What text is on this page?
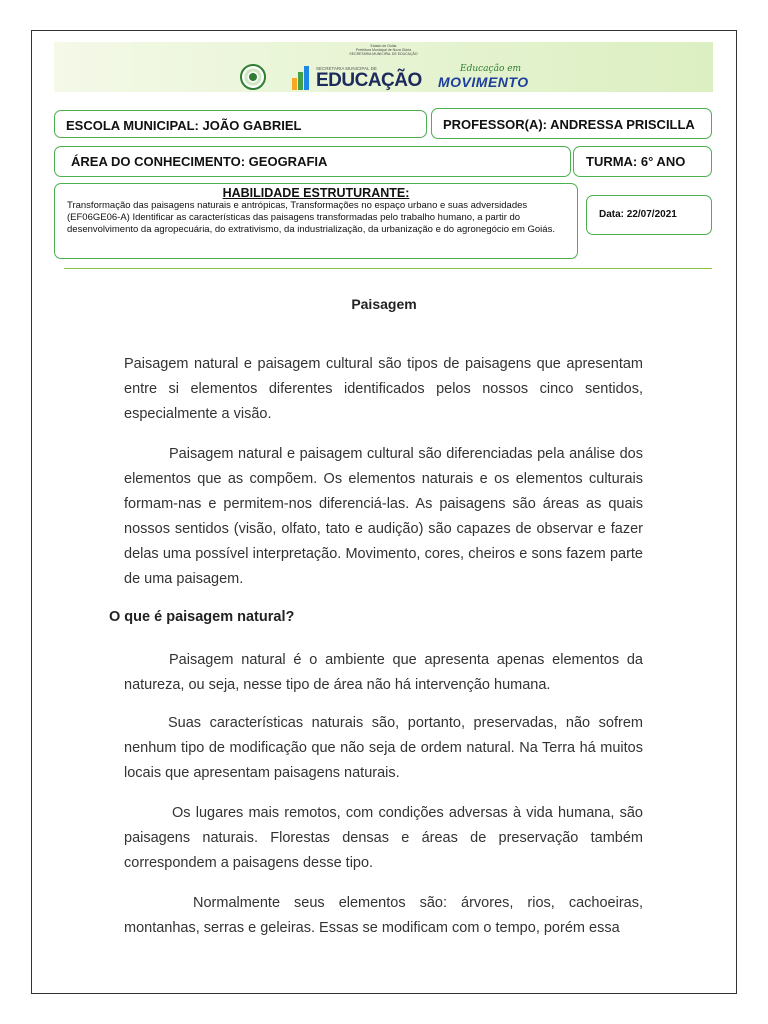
Estado de Goiás
Prefeitura Municipal de Nova Glória
SECRETARIA MUNICIPAL DE EDUCAÇÃO
SECRETARIA MUNICIPAL DE
EDUCAÇÃO
Educação em
MOVIMENTO
ESCOLA MUNICIPAL: JOÃO GABRIEL	PROFESSOR(A): ANDRESSA PRISCILLA
ÁREA DO CONHECIMENTO: GEOGRAFIA	TURMA: 6° ANO
HABILIDADE ESTRUTURANTE:
Transformação das paisagens naturais e antrópicas, Transformações no espaço urbano e suas adversidades (EF06GE06-A) Identificar as características das paisagens transformadas pelo trabalho humano, a partir do desenvolvimento da agropecuária, do extrativismo, da industrialização, da urbanização e do agronegócio em Goiás.
Data: 22/07/2021
Paisagem

Paisagem natural e paisagem cultural são tipos de paisagens que apresentam entre si elementos diferentes identificados pelos nossos cinco sentidos, especialmente a visão.

Paisagem natural e paisagem cultural são diferenciadas pela análise dos elementos que as compõem. Os elementos naturais e os elementos culturais formam-nas e permitem-nos diferenciá-las. As paisagens são áreas as quais nossos sentidos (visão, olfato, tato e audição) são capazes de observar e fazer delas uma possível interpretação. Movimento, cores, cheiros e sons fazem parte de uma paisagem.

O que é paisagem natural?

Paisagem natural é o ambiente que apresenta apenas elementos da natureza, ou seja, nesse tipo de área não há intervenção humana.

Suas características naturais são, portanto, preservadas, não sofrem nenhum tipo de modificação que não seja de ordem natural. Na Terra há muitos locais que apresentam paisagens naturais.

Os lugares mais remotos, com condições adversas à vida humana, são paisagens naturais. Florestas densas e áreas de preservação também correspondem a paisagens desse tipo.

Normalmente seus elementos são: árvores, rios, cachoeiras, montanhas, serras e geleiras. Essas se modificam com o tempo, porém essa
